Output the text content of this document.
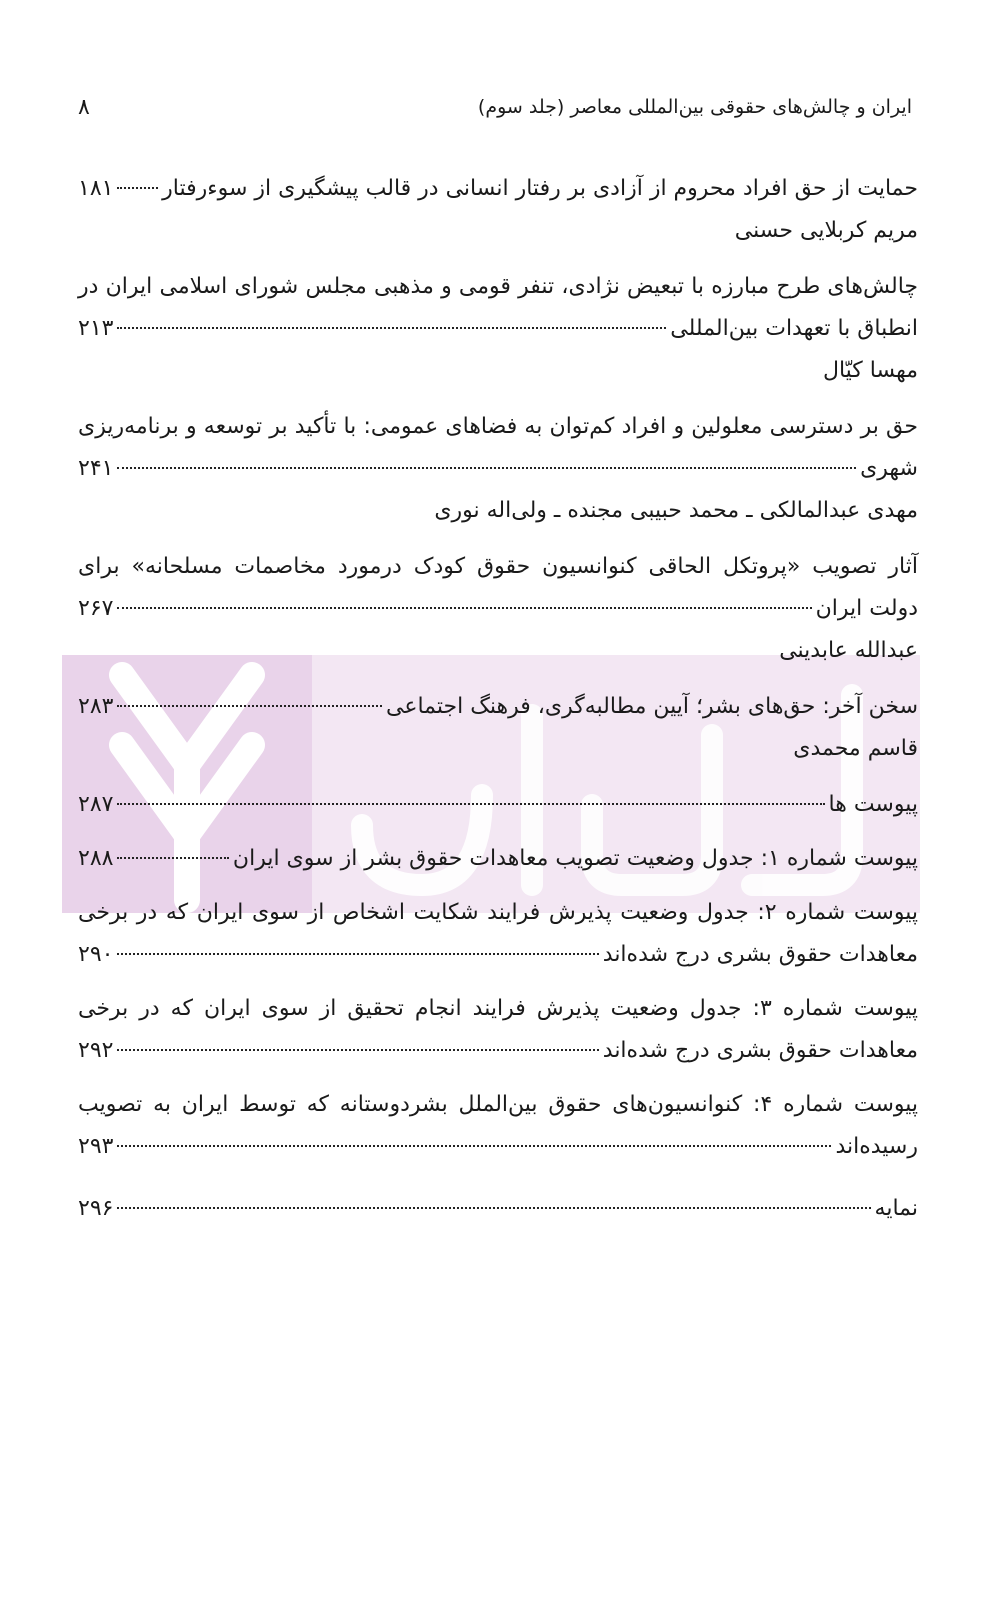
ایران و چالش‌های حقوقی بین‌المللی معاصر (جلد سوم)
۸
حمایت از حق افراد محروم از آزادی بر رفتار انسانی در قالب پیشگیری از سوءرفتار
۱۸۱
مریم کربلایی حسنی
چالش‌های طرح مبارزه با تبعیض نژادی، تنفر قومی و مذهبی مجلس شورای اسلامی ایران در
انطباق با تعهدات بین‌المللی
۲۱۳
مهسا کیّال
حق بر دسترسی معلولین و افراد کم‌توان به فضاهای عمومی: با تأکید بر توسعه و برنامه‌ریزی
شهری
۲۴۱
مهدی عبدالمالکی ـ محمد حبیبی مجنده ـ ولی‌اله نوری
آثار تصویب «پروتکل الحاقی کنوانسیون حقوق کودک درمورد مخاصمات مسلحانه» برای
دولت ایران
۲۶۷
عبدالله عابدینی
سخن آخر: حق‌های بشر؛ آیین مطالبه‌گری، فرهنگ اجتماعی
۲۸۳
قاسم محمدی
پیوست ها
۲۸۷
پیوست شماره ۱: جدول وضعیت تصویب معاهدات حقوق بشر از سوی ایران
۲۸۸
پیوست شماره ۲: جدول وضعیت پذیرش فرایند شکایت اشخاص از سوی ایران که در برخی
معاهدات حقوق بشری درج شده‌اند
۲۹۰
پیوست شماره ۳: جدول وضعیت پذیرش فرایند انجام تحقیق از سوی ایران که در برخی
معاهدات حقوق بشری درج شده‌اند
۲۹۲
پیوست شماره ۴: کنوانسیون‌های حقوق بین‌الملل بشردوستانه که توسط ایران به تصویب
رسیده‌اند
۲۹۳
نمایه
۲۹۶
